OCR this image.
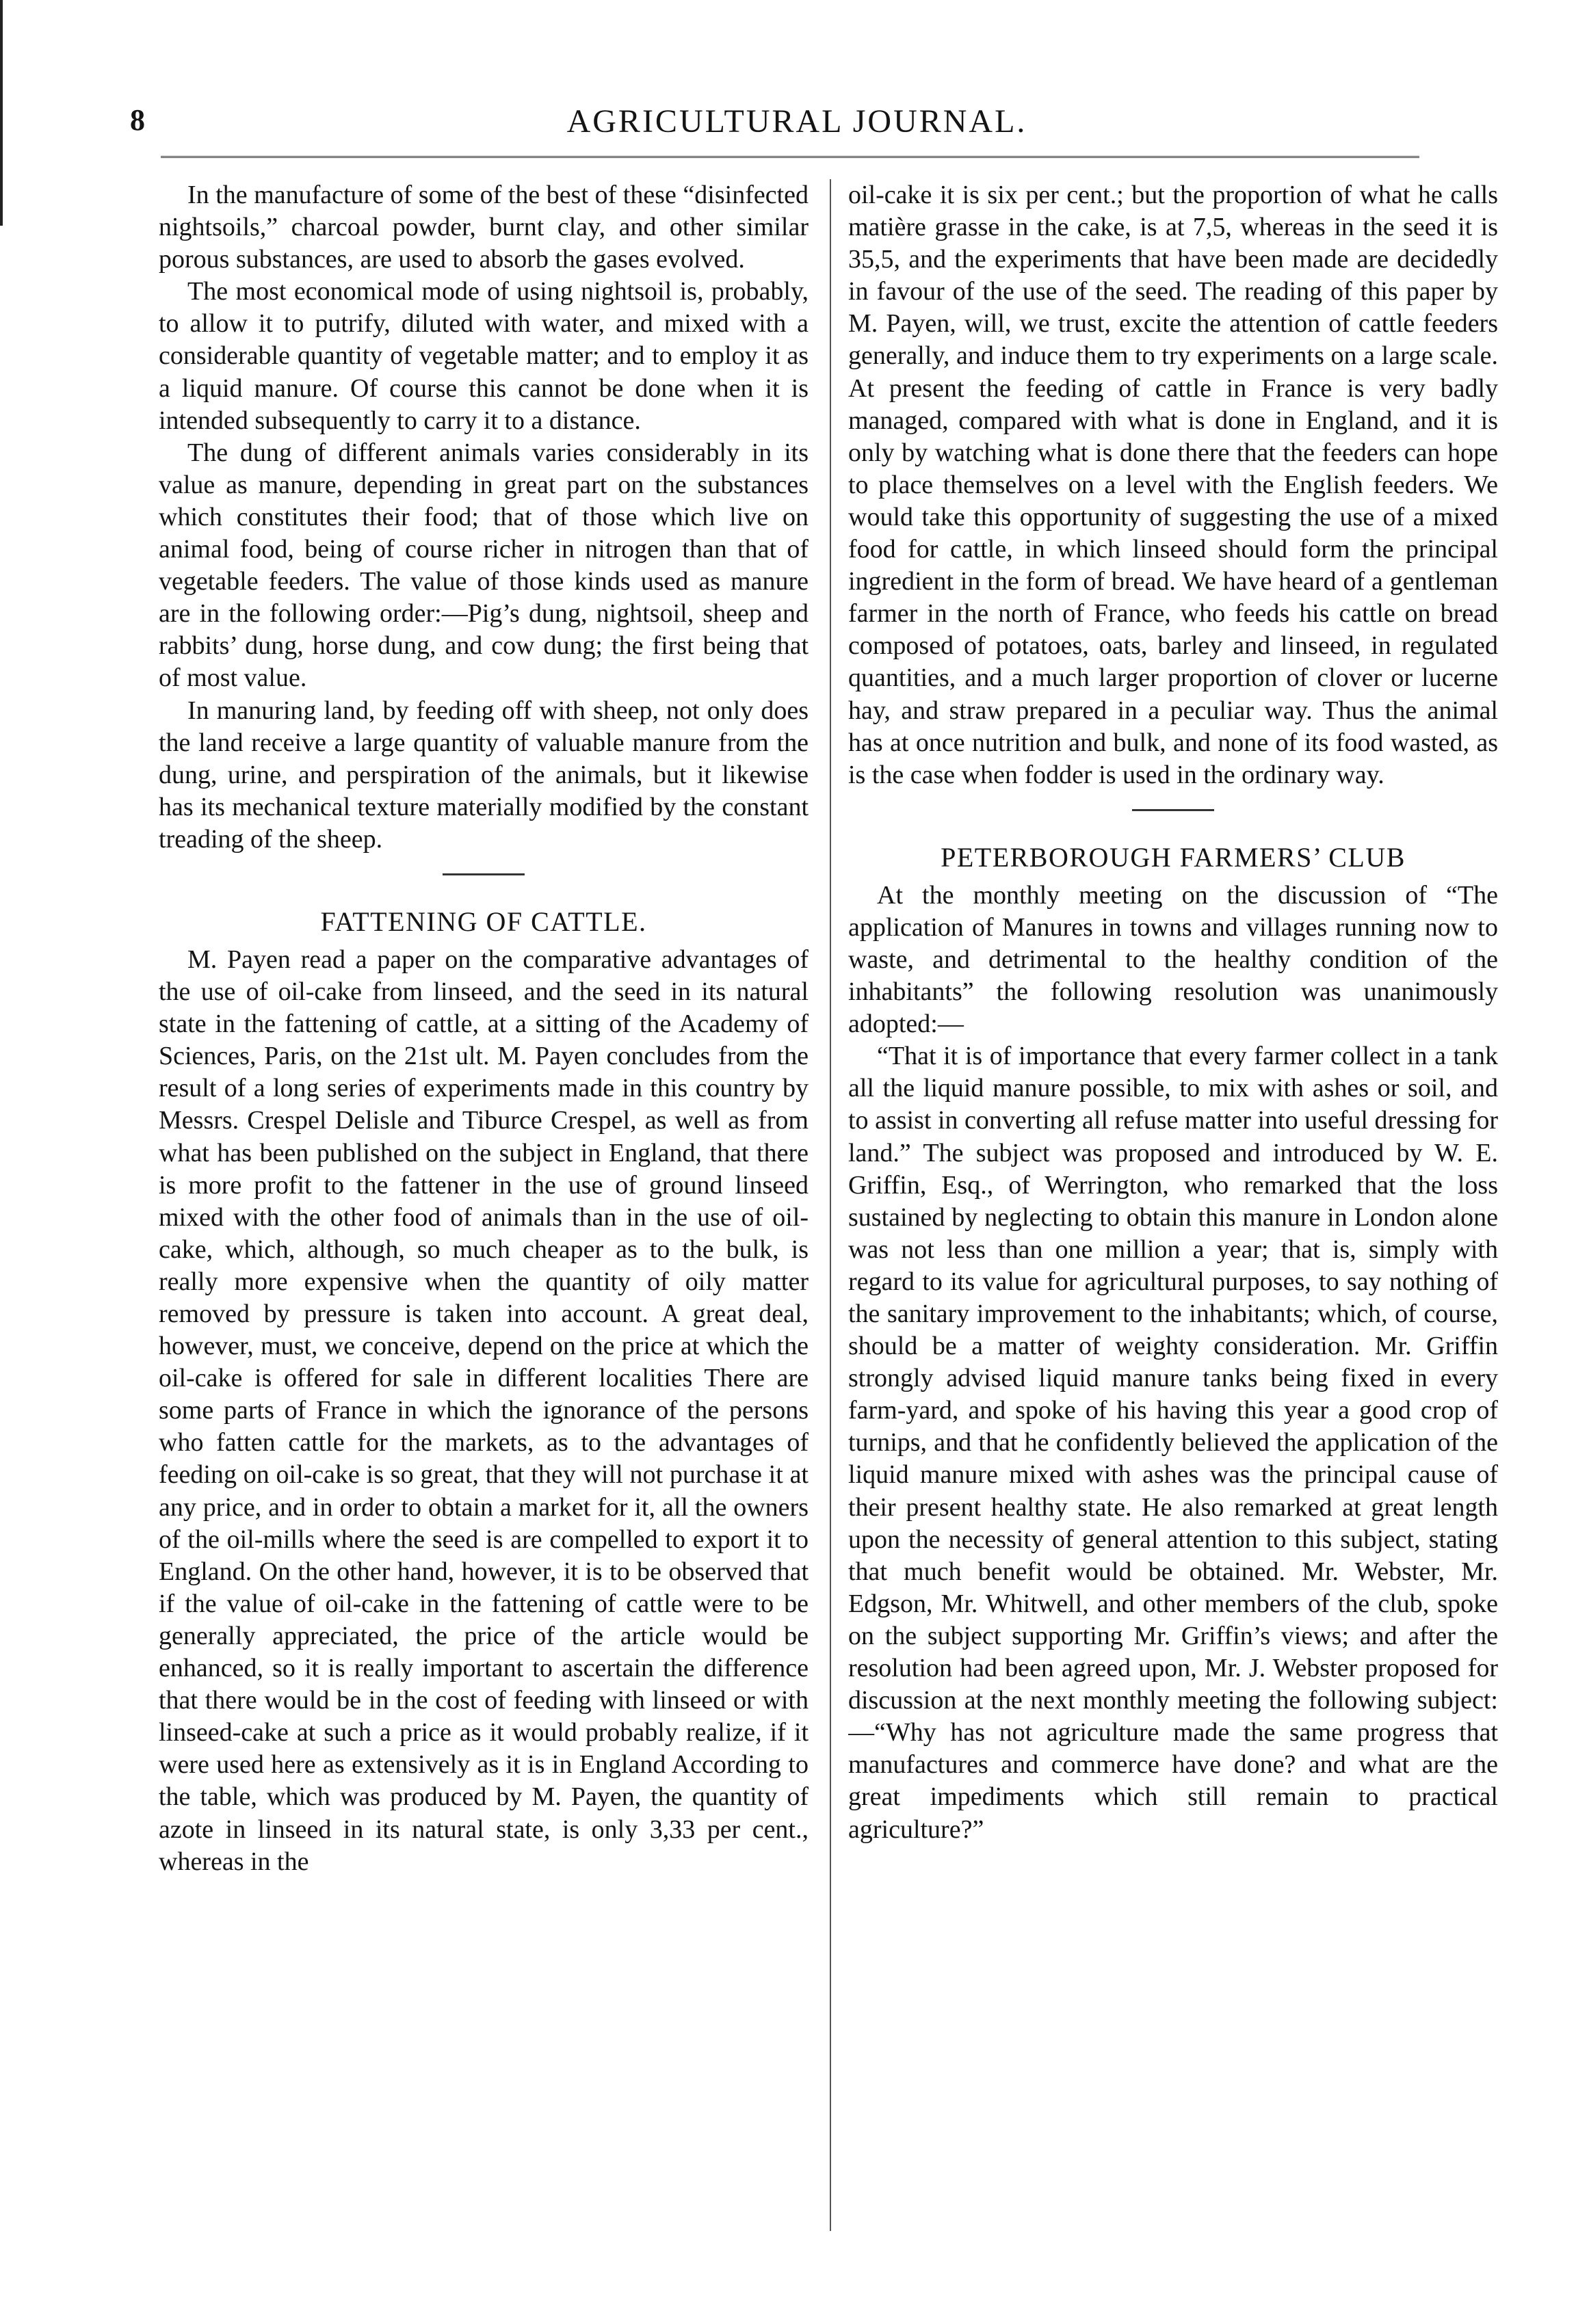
8	AGRICULTURAL JOURNAL.

In the manufacture of some of the best of these “disinfected nightsoils,” charcoal powder, burnt clay, and other similar porous substances, are used to absorb the gases evolved.

The most economical mode of using nightsoil is, probably, to allow it to putrify, diluted with water, and mixed with a considerable quantity of vegetable matter; and to employ it as a liquid manure. Of course this cannot be done when it is intended subsequently to carry it to a distance.

The dung of different animals varies considerably in its value as manure, depending in great part on the substances which constitutes their food; that of those which live on animal food, being of course richer in nitrogen than that of vegetable feeders. The value of those kinds used as manure are in the following order:—Pig’s dung, nightsoil, sheep and rabbits’ dung, horse dung, and cow dung; the first being that of most value.

In manuring land, by feeding off with sheep, not only does the land receive a large quantity of valuable manure from the dung, urine, and perspiration of the animals, but it likewise has its mechanical texture materially modified by the constant treading of the sheep.

FATTENING OF CATTLE.

M. Payen read a paper on the comparative advantages of the use of oil-cake from linseed, and the seed in its natural state in the fattening of cattle, at a sitting of the Academy of Sciences, Paris, on the 21st ult. M. Payen concludes from the result of a long series of experiments made in this country by Messrs. Crespel Delisle and Tiburce Crespel, as well as from what has been published on the subject in England, that there is more profit to the fattener in the use of ground linseed mixed with the other food of animals than in the use of oil-cake, which, although, so much cheaper as to the bulk, is really more expensive when the quantity of oily matter removed by pressure is taken into account. A great deal, however, must, we conceive, depend on the price at which the oil-cake is offered for sale in different localities There are some parts of France in which the ignorance of the persons who fatten cattle for the markets, as to the advantages of feeding on oil-cake is so great, that they will not purchase it at any price, and in order to obtain a market for it, all the owners of the oil-mills where the seed is are compelled to export it to England. On the other hand, however, it is to be observed that if the value of oil-cake in the fattening of cattle were to be generally appreciated, the price of the article would be enhanced, so it is really important to ascertain the difference that there would be in the cost of feeding with linseed or with linseed-cake at such a price as it would probably realize, if it were used here as extensively as it is in England According to the table, which was produced by M. Payen, the quantity of azote in linseed in its natural state, is only 3,33 per cent., whereas in the

oil-cake it is six per cent.; but the proportion of what he calls matière grasse in the cake, is at 7,5, whereas in the seed it is 35,5, and the experiments that have been made are decidedly in favour of the use of the seed. The reading of this paper by M. Payen, will, we trust, excite the attention of cattle feeders generally, and induce them to try experiments on a large scale. At present the feeding of cattle in France is very badly managed, compared with what is done in England, and it is only by watching what is done there that the feeders can hope to place themselves on a level with the English feeders. We would take this opportunity of suggesting the use of a mixed food for cattle, in which linseed should form the principal ingredient in the form of bread. We have heard of a gentleman farmer in the north of France, who feeds his cattle on bread composed of potatoes, oats, barley and linseed, in regulated quantities, and a much larger proportion of clover or lucerne hay, and straw prepared in a peculiar way. Thus the animal has at once nutrition and bulk, and none of its food wasted, as is the case when fodder is used in the ordinary way.

PETERBOROUGH FARMERS’ CLUB

At the monthly meeting on the discussion of “The application of Manures in towns and villages running now to waste, and detrimental to the healthy condition of the inhabitants” the following resolution was unanimously adopted:—

“That it is of importance that every farmer collect in a tank all the liquid manure possible, to mix with ashes or soil, and to assist in converting all refuse matter into useful dressing for land.” The subject was proposed and introduced by W. E. Griffin, Esq., of Werrington, who remarked that the loss sustained by neglecting to obtain this manure in London alone was not less than one million a year; that is, simply with regard to its value for agricultural purposes, to say nothing of the sanitary improvement to the inhabitants; which, of course, should be a matter of weighty consideration. Mr. Griffin strongly advised liquid manure tanks being fixed in every farm-yard, and spoke of his having this year a good crop of turnips, and that he confidently believed the application of the liquid manure mixed with ashes was the principal cause of their present healthy state. He also remarked at great length upon the necessity of general attention to this subject, stating that much benefit would be obtained. Mr. Webster, Mr. Edgson, Mr. Whitwell, and other members of the club, spoke on the subject supporting Mr. Griffin’s views; and after the resolution had been agreed upon, Mr. J. Webster proposed for discussion at the next monthly meeting the following subject:—“Why has not agriculture made the same progress that manufactures and commerce have done? and what are the great impediments which still remain to practical agriculture?”
